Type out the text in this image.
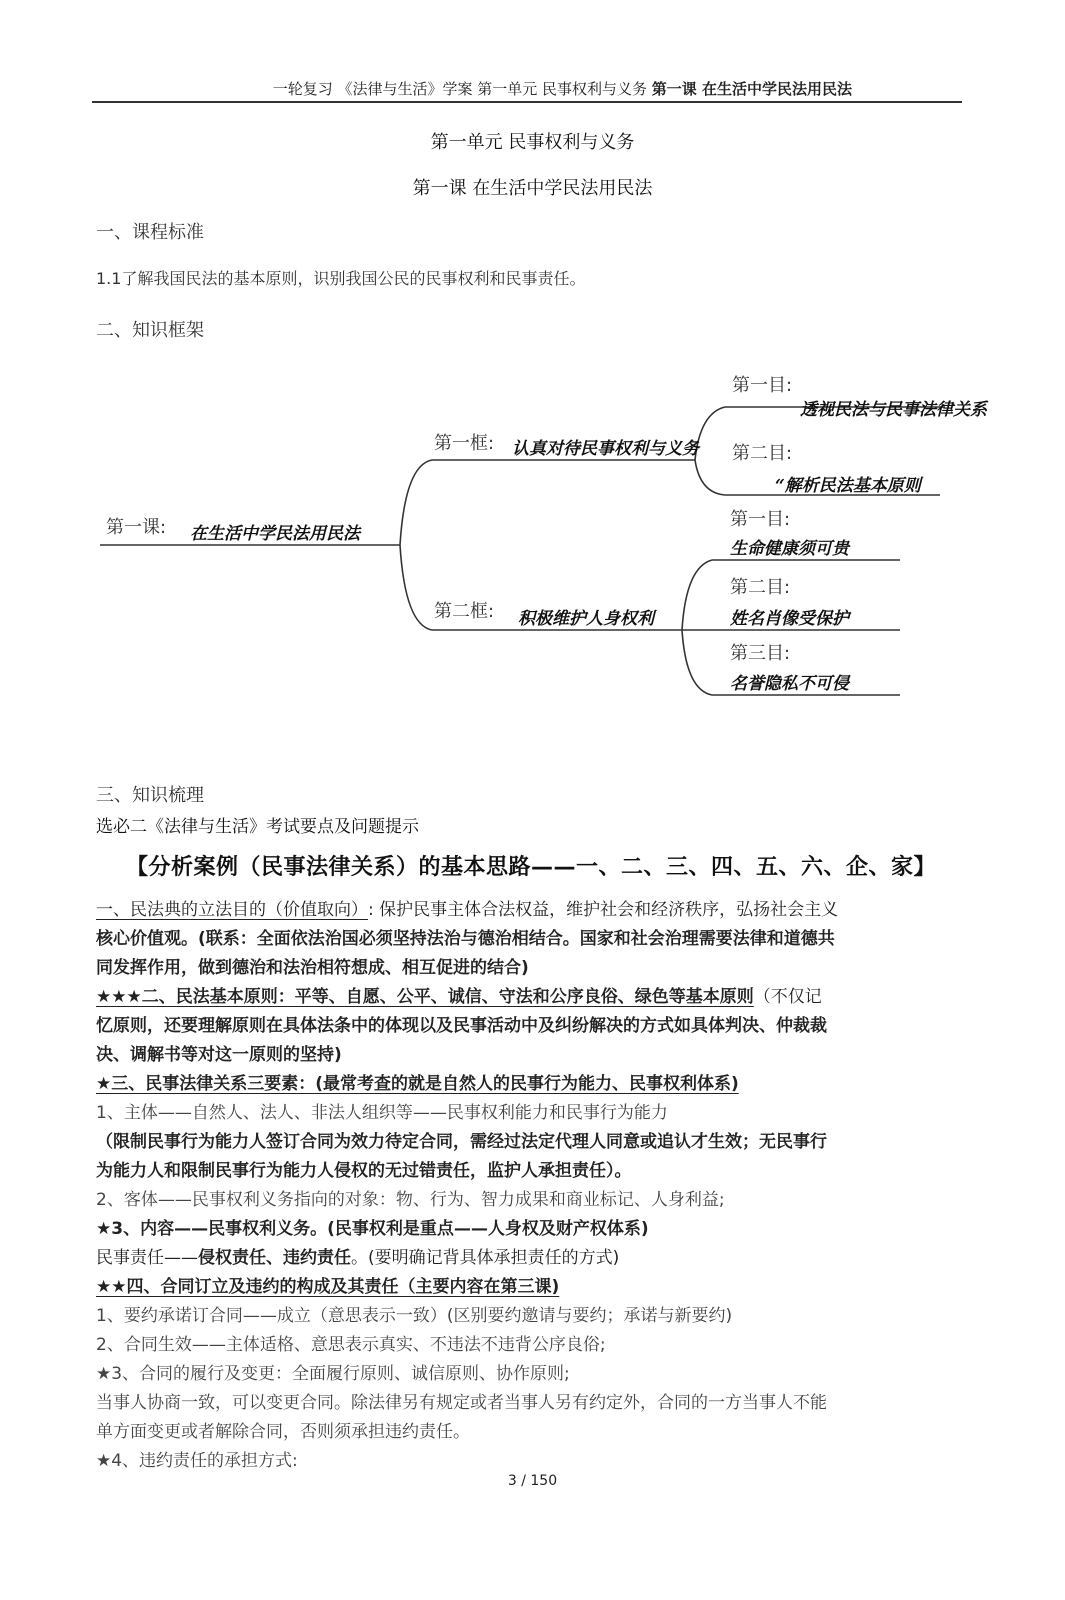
一轮复习 《法律与生活》学案 第一单元 民事权利与义务 第一课 在生活中学民法用民法
第一单元 民事权利与义务
第一课 在生活中学民法用民法
一、课程标准
1.1了解我国民法的基本原则，识别我国公民的民事权利和民事责任。
二、知识框架
第一课: 在生活中学民法用民法
第一框: 认真对待民事权利与义务
第一目:
透视民法与民事法律关系
第二目:
“解析民法基本原则
第二框: 积极维护人身权利
第一目:
生命健康须可贵
第二目:
姓名肖像受保护
第三目:
名誉隐私不可侵
三、知识梳理
选必二《法律与生活》考试要点及问题提示
【分析案例（民事法律关系）的基本思路——一、二、三、四、五、六、企、家】
一、民法典的立法目的（价值取向）: 保护民事主体合法权益，维护社会和经济秩序，弘扬社会主义
核心价值观。(联系：全面依法治国必须坚持法治与德治相结合。国家和社会治理需要法律和道德共
同发挥作用，做到德治和法治相符想成、相互促进的结合)
★★★二、民法基本原则：平等、自愿、公平、诚信、守法和公序良俗、绿色等基本原则（不仅记
忆原则，还要理解原则在具体法条中的体现以及民事活动中及纠纷解决的方式如具体判决、仲裁裁
决、调解书等对这一原则的坚持)
★三、民事法律关系三要素：(最常考查的就是自然人的民事行为能力、民事权利体系)
1、主体——自然人、法人、非法人组织等——民事权利能力和民事行为能力
（限制民事行为能力人签订合同为效力待定合同，需经过法定代理人同意或追认才生效；无民事行
为能力人和限制民事行为能力人侵权的无过错责任，监护人承担责任）。
2、客体——民事权利义务指向的对象：物、行为、智力成果和商业标记、人身利益;
★3、内容——民事权利义务。(民事权利是重点——人身权及财产权体系)
民事责任——侵权责任、违约责任。(要明确记背具体承担责任的方式)
★★四、合同订立及违约的构成及其责任（主要内容在第三课)
1、要约承诺订合同——成立（意思表示一致）(区别要约邀请与要约；承诺与新要约)
2、合同生效——主体适格、意思表示真实、不违法不违背公序良俗;
★3、合同的履行及变更：全面履行原则、诚信原则、协作原则;
当事人协商一致，可以变更合同。除法律另有规定或者当事人另有约定外，合同的一方当事人不能
单方面变更或者解除合同，否则须承担违约责任。
★4、违约责任的承担方式:
3 / 150
